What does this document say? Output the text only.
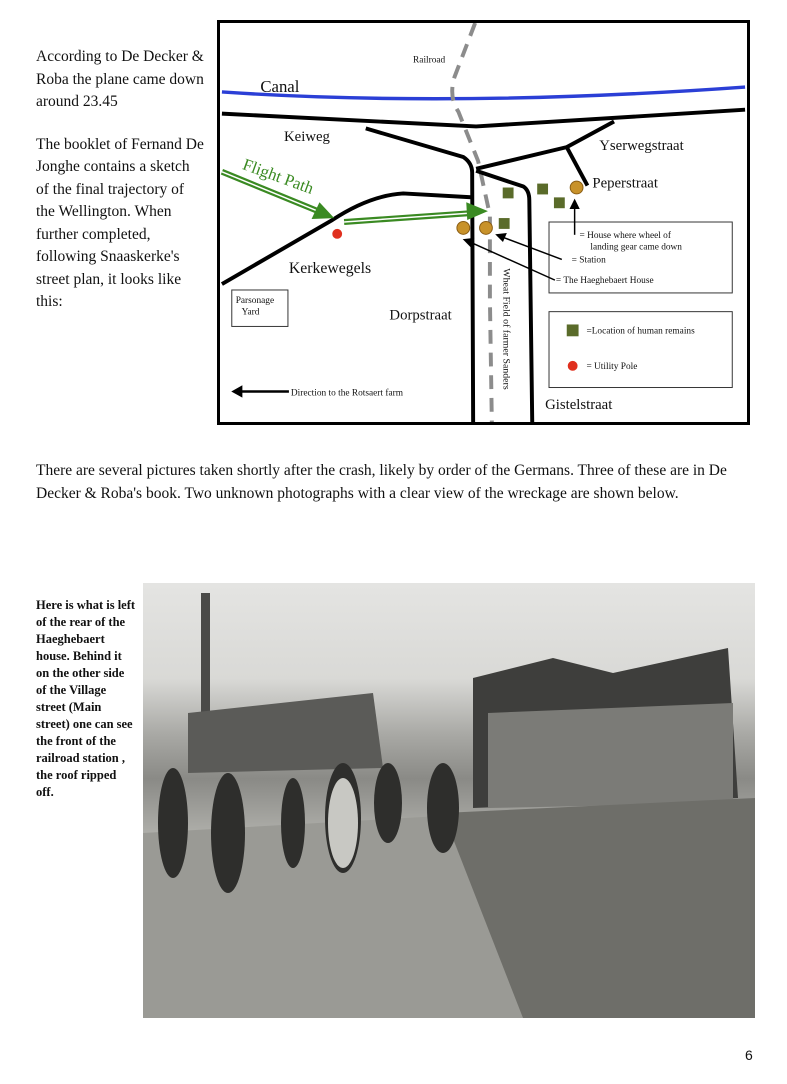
According to De Decker & Roba the plane came down around 23.45

The booklet of Fernand De Jonghe contains a sketch of the final trajectory of the Wellington. When further completed, following Snaaskerke's street plan, it looks like this:

Flight Path
Railroad
Canal
Keiweg
Yserwegstraat
Peperstraat
Kerkewegels
Parsonage
Yard	Dorpstraat	Wheat Field of farmer Sanders
Gistelstraat
Direction to the Rotsaert farm
= House where wheel of
landing gear came down
= Station
= The Haeghebaert House
=Location of human remains
= Utility Pole

There are several pictures taken shortly after the crash, likely by order of the Germans. Three of these are in De Decker & Roba's book. Two unknown photographs with a clear view of the wreckage are shown below.

Here is what is left of the rear of the Haeghebaert house. Behind it on the other side of the Village street (Main street) one can see the front of the railroad station , the roof ripped off.
6
